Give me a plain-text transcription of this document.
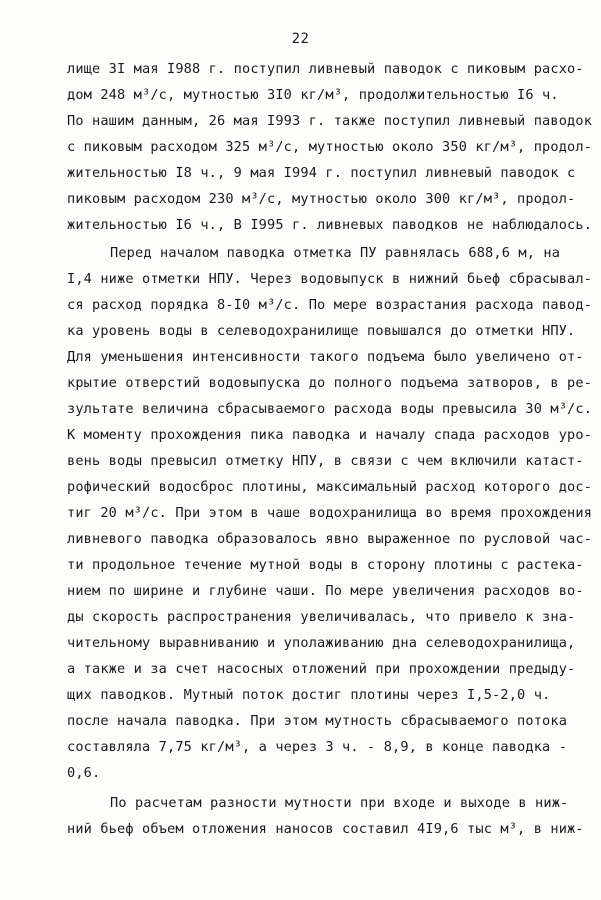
22
лище 3I мая I988 г. поступил ливневый паводок с пиковым расхо-
дом 248 м³/с, мутностью 3I0 кг/м³, продолжительностью I6 ч.
По нашим данным, 26 мая I993 г. также поступил ливневый паводок
с пиковым расходом 325 м³/с, мутностью около 350 кг/м³, продол-
жительностью I8 ч., 9 мая I994 г. поступил ливневый паводок с
пиковым расходом 230 м³/с, мутностью около 300 кг/м³, продол-
жительностью I6 ч., В I995 г. ливневых паводков не наблюдалось.
Перед началом паводка отметка ПУ равнялась 688,6 м, на
I,4 ниже отметки НПУ. Через водовыпуск в нижний бьеф сбрасывал-
ся расход порядка 8-I0 м³/с. По мере возрастания расхода павод-
ка уровень воды в селеводохранилище повышался до отметки НПУ.
Для уменьшения интенсивности такого подъема было увеличено от-
крытие отверстий водовыпуска до полного подъема затворов, в ре-
зультате величина сбрасываемого расхода воды превысила 30 м³/с.
К моменту прохождения пика паводка и началу спада расходов уро-
вень воды превысил отметку НПУ, в связи с чем включили катаст-
рофический водосброс плотины, максимальный расход которого дос-
тиг 20 м³/с. При этом в чаше водохранилища во время прохождения
ливневого паводка образовалось явно выраженное по русловой час-
ти продольное течение мутной воды в сторону плотины с растека-
нием по ширине и глубине чаши. По мере увеличения расходов во-
ды скорость распространения увеличивалась, что привело к зна-
чительному выравниванию и уполаживанию дна селеводохранилища,
а также и за счет насосных отложений при прохождении предыду-
щих паводков. Мутный поток достиг плотины через I,5-2,0 ч.
после начала паводка. При этом мутность сбрасываемого потока
составляла 7,75 кг/м³, а через 3 ч. - 8,9, в конце паводка -
0,6.
По расчетам разности мутности при входе и выходе в ниж-
ний бьеф объем отложения наносов составил 4I9,6 тыс м³, в ниж-
